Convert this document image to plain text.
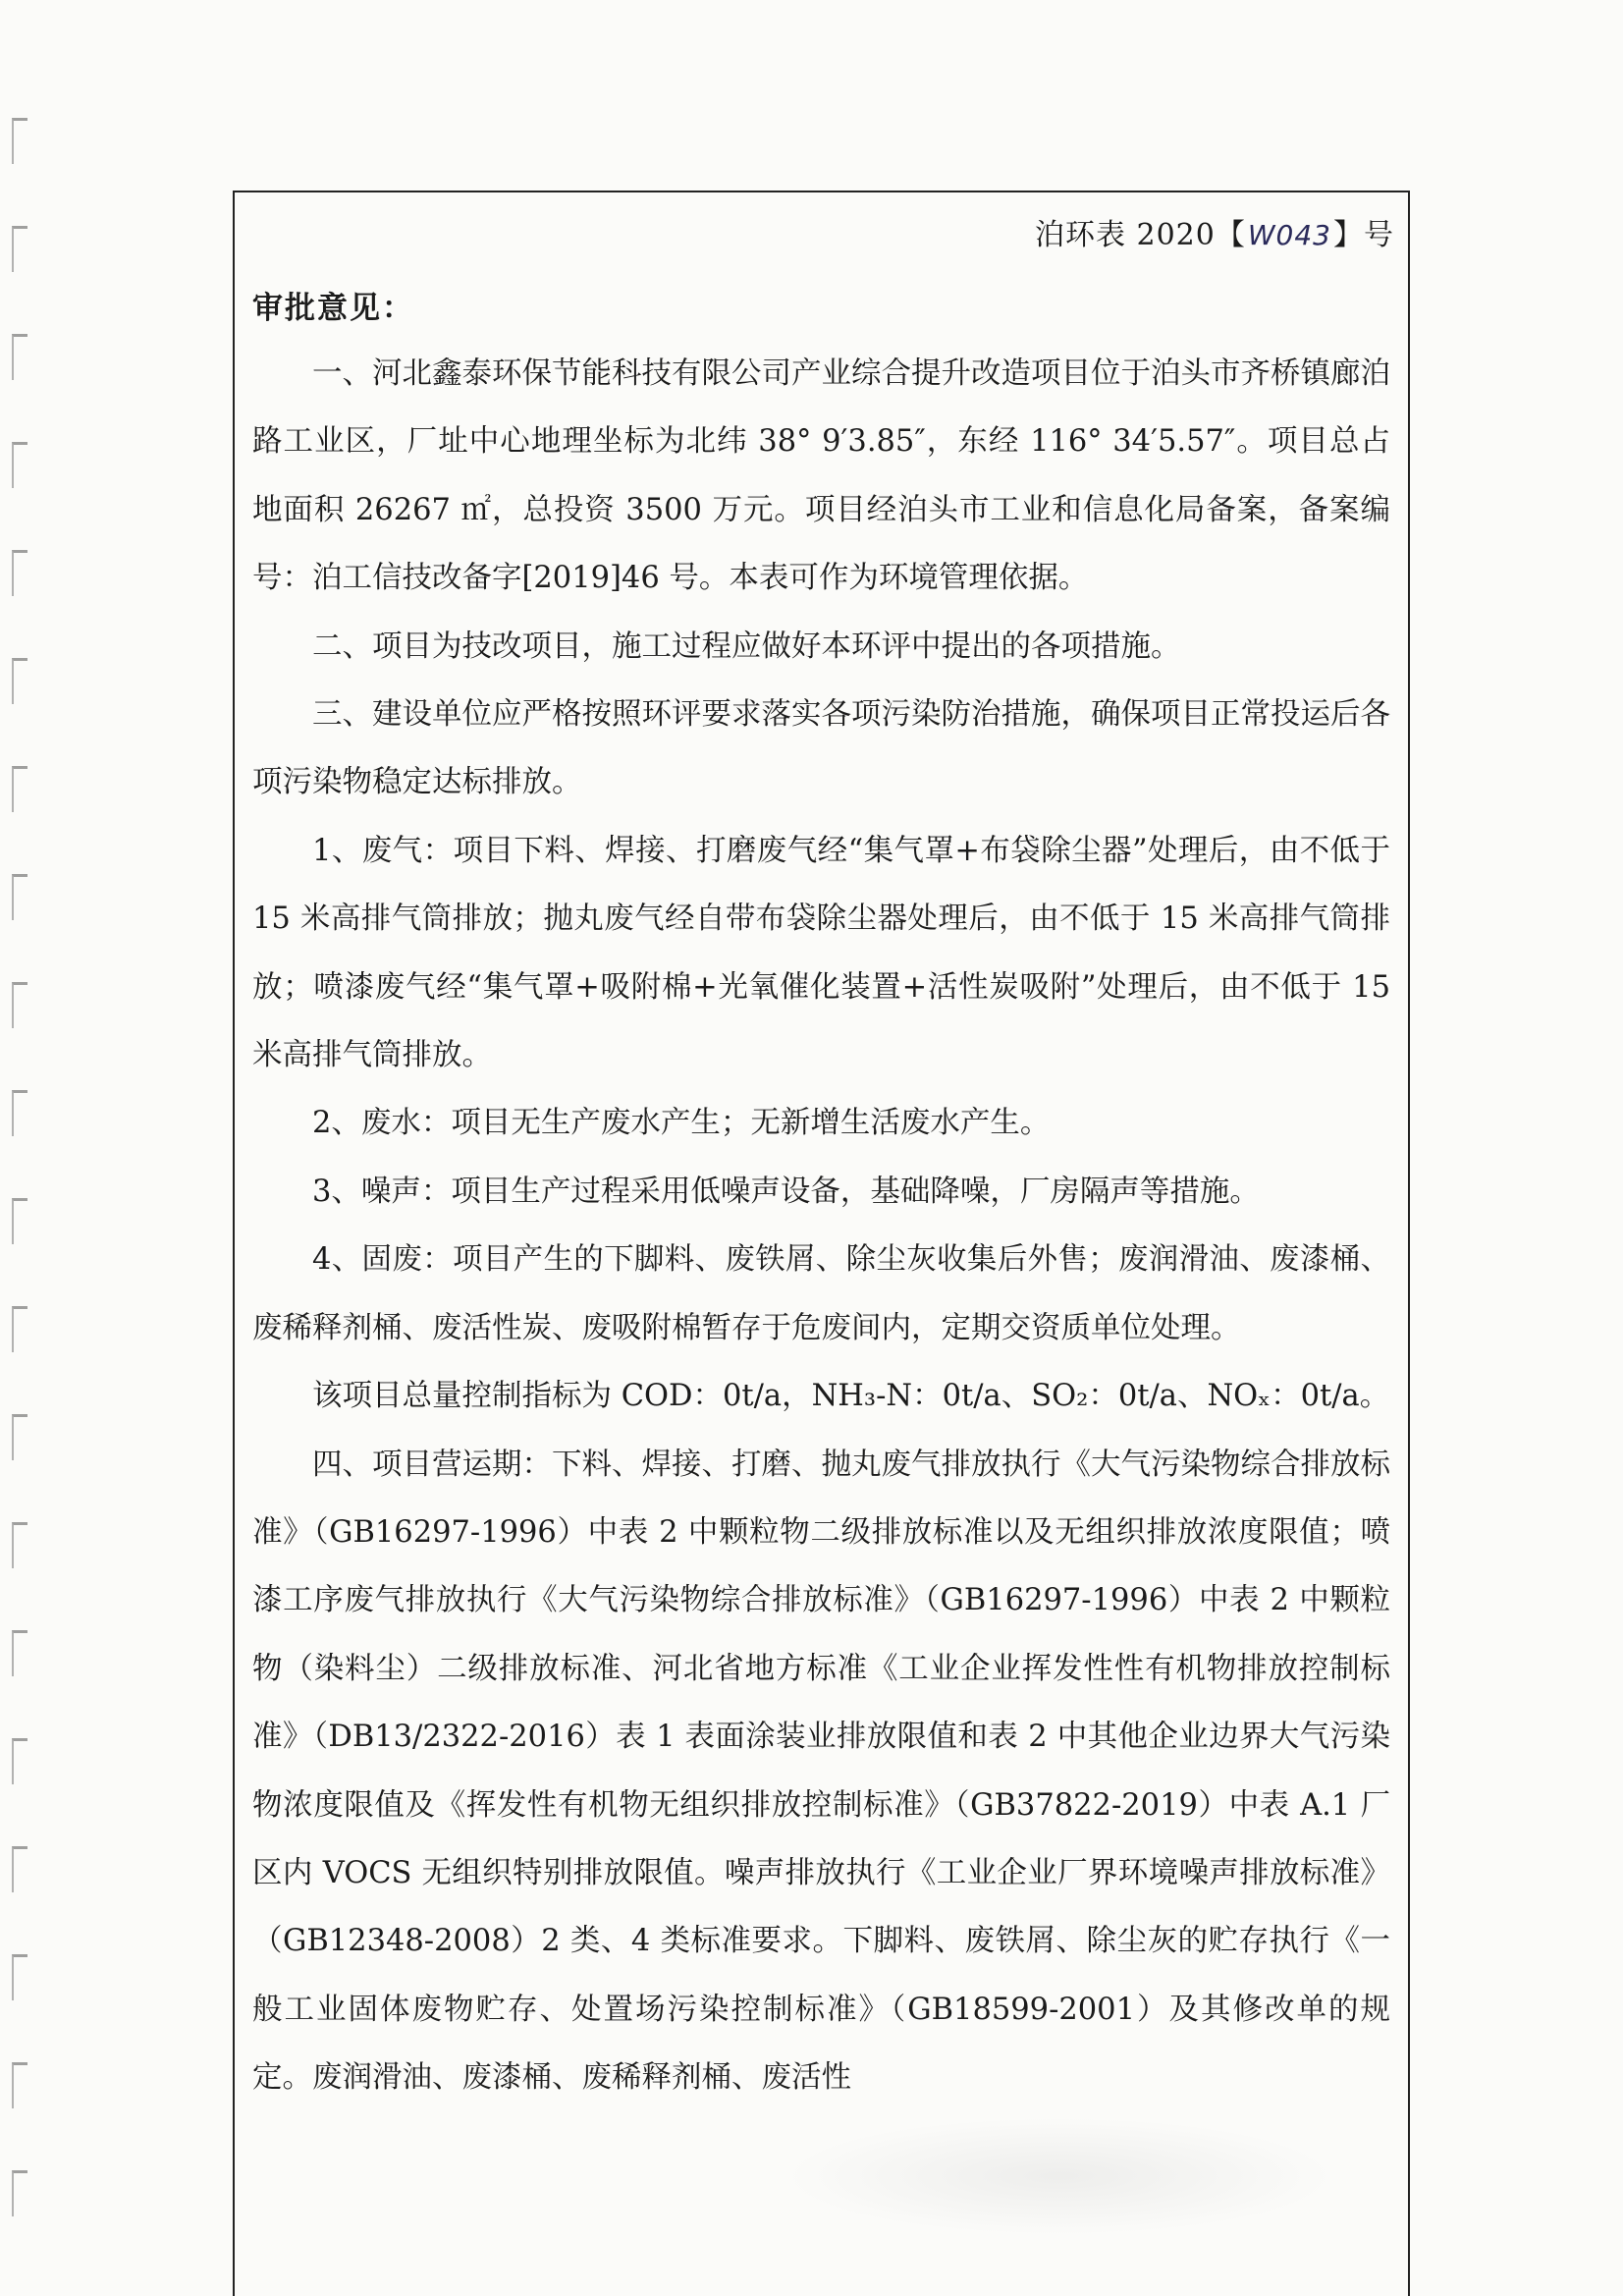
泊环表 2020【W043】号
审批意见：

一、河北鑫泰环保节能科技有限公司产业综合提升改造项目位于泊头市齐桥镇廊泊路工业区，厂址中心地理坐标为北纬 38° 9′3.85″，东经 116° 34′5.57″。项目总占地面积 26267 ㎡，总投资 3500 万元。项目经泊头市工业和信息化局备案，备案编号：泊工信技改备字[2019]46 号。本表可作为环境管理依据。

二、项目为技改项目，施工过程应做好本环评中提出的各项措施。

三、建设单位应严格按照环评要求落实各项污染防治措施，确保项目正常投运后各项污染物稳定达标排放。

1、废气：项目下料、焊接、打磨废气经“集气罩+布袋除尘器”处理后，由不低于 15 米高排气筒排放；抛丸废气经自带布袋除尘器处理后，由不低于 15 米高排气筒排放；喷漆废气经“集气罩+吸附棉+光氧催化装置+活性炭吸附”处理后，由不低于 15 米高排气筒排放。

2、废水：项目无生产废水产生；无新增生活废水产生。

3、噪声：项目生产过程采用低噪声设备，基础降噪，厂房隔声等措施。

4、固废：项目产生的下脚料、废铁屑、除尘灰收集后外售；废润滑油、废漆桶、废稀释剂桶、废活性炭、废吸附棉暂存于危废间内，定期交资质单位处理。

该项目总量控制指标为 COD：0t/a，NH₃-N：0t/a、SO₂：0t/a、NOₓ：0t/a。

四、项目营运期：下料、焊接、打磨、抛丸废气排放执行《大气污染物综合排放标准》（GB16297-1996）中表 2 中颗粒物二级排放标准以及无组织排放浓度限值；喷漆工序废气排放执行《大气污染物综合排放标准》（GB16297-1996）中表 2 中颗粒物（染料尘）二级排放标准、河北省地方标准《工业企业挥发性性有机物排放控制标准》（DB13/2322-2016）表 1 表面涂装业排放限值和表 2 中其他企业边界大气污染物浓度限值及《挥发性有机物无组织排放控制标准》（GB37822-2019）中表 A.1 厂区内 VOCS 无组织特别排放限值。噪声排放执行《工业企业厂界环境噪声排放标准》（GB12348-2008）2 类、4 类标准要求。下脚料、废铁屑、除尘灰的贮存执行《一般工业固体废物贮存、处置场污染控制标准》（GB18599-2001）及其修改单的规定。废润滑油、废漆桶、废稀释剂桶、废活性
